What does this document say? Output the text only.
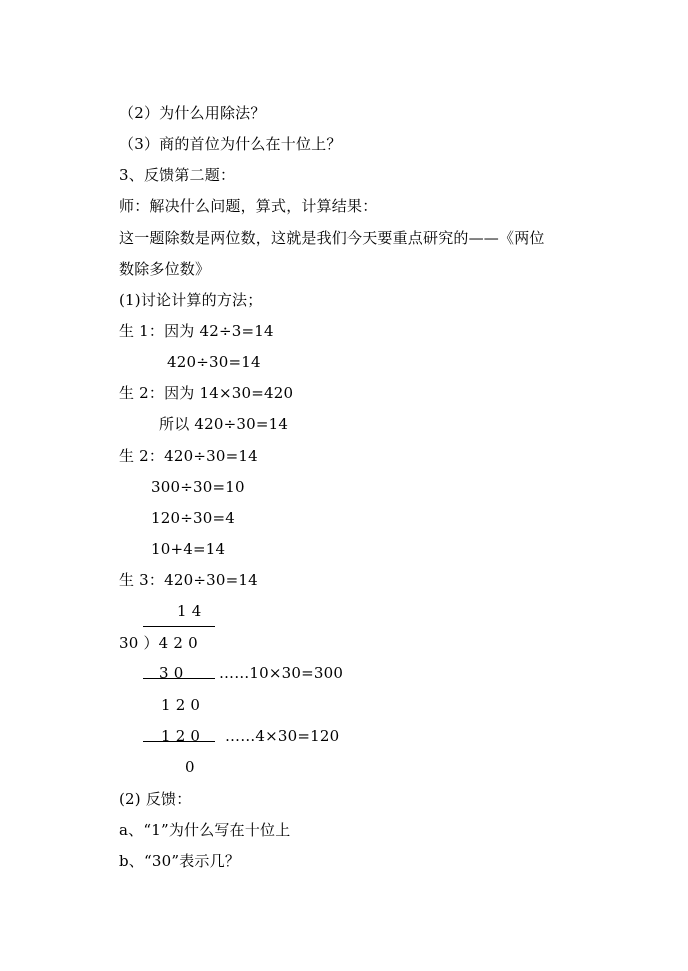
（2）为什么用除法？
（3）商的首位为什么在十位上？
3、反馈第二题：
师：解决什么问题，算式，计算结果：
这一题除数是两位数，这就是我们今天要重点研究的——《两位
数除多位数》
(1)讨论计算的方法；
生 1：因为 42÷3=14
420÷30=14
生 2：因为 14×30=420
所以 420÷30=14
生 2：420÷30=14
300÷30=10
120÷30=4
10+4=14
生 3：420÷30=14
1 4
30 ）4 2 0
3 0 ……10×30=300
1 2 0
1 2 0 ……4×30=120
0
(2) 反馈：
a、“1”为什么写在十位上
b、“30”表示几？
